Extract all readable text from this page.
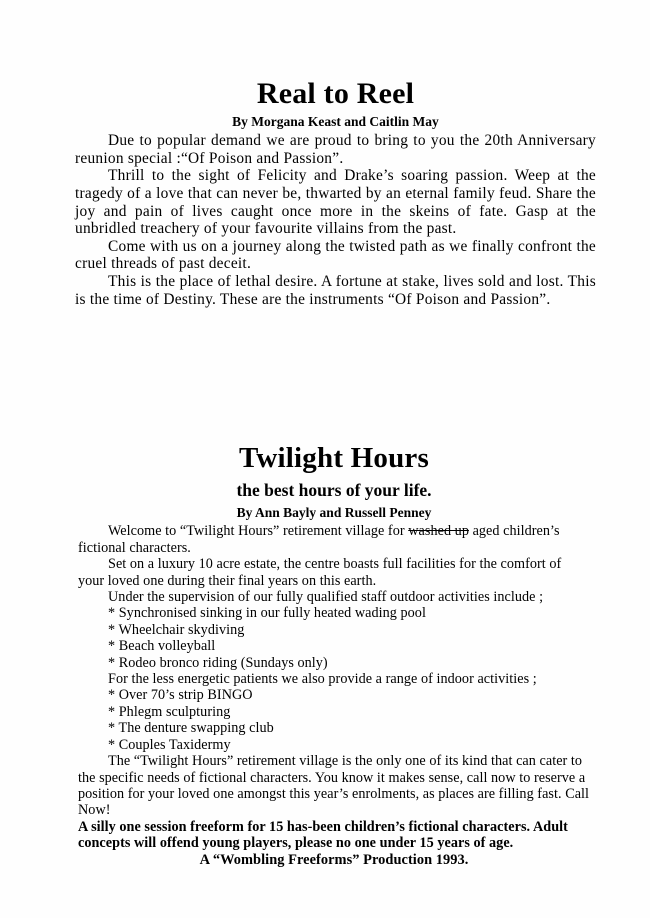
Real to Reel

By Morgana Keast and Caitlin May

Due to popular demand we are proud to bring to you the 20th Anniversary reunion special :“Of Poison and Passion”.

Thrill to the sight of Felicity and Drake’s soaring passion. Weep at the tragedy of a love that can never be, thwarted by an eternal family feud. Share the joy and pain of lives caught once more in the skeins of fate. Gasp at the unbridled treachery of your favourite villains from the past.

Come with us on a journey along the twisted path as we finally confront the cruel threads of past deceit.

This is the place of lethal desire. A fortune at stake, lives sold and lost. This is the time of Destiny. These are the instruments “Of Poison and Passion”.

Twilight Hours

the best hours of your life.

By Ann Bayly and Russell Penney

Welcome to “Twilight Hours” retirement village for washed up aged children’s fictional characters.

Set on a luxury 10 acre estate, the centre boasts full facilities for the comfort of your loved one during their final years on this earth.

Under the supervision of our fully qualified staff outdoor activities include ;

* Synchronised sinking in our fully heated wading pool

* Wheelchair skydiving

* Beach volleyball

* Rodeo bronco riding (Sundays only)

For the less energetic patients we also provide a range of indoor activities ;

* Over 70’s strip BINGO

* Phlegm sculpturing

* The denture swapping club

* Couples Taxidermy

The “Twilight Hours” retirement village is the only one of its kind that can cater to the specific needs of fictional characters. You know it makes sense, call now to reserve a position for your loved one amongst this year’s enrolments, as places are filling fast. Call Now!

A silly one session freeform for 15 has-been children’s fictional characters. Adult concepts will offend young players, please no one under 15 years of age.

A “Wombling Freeforms” Production 1993.
